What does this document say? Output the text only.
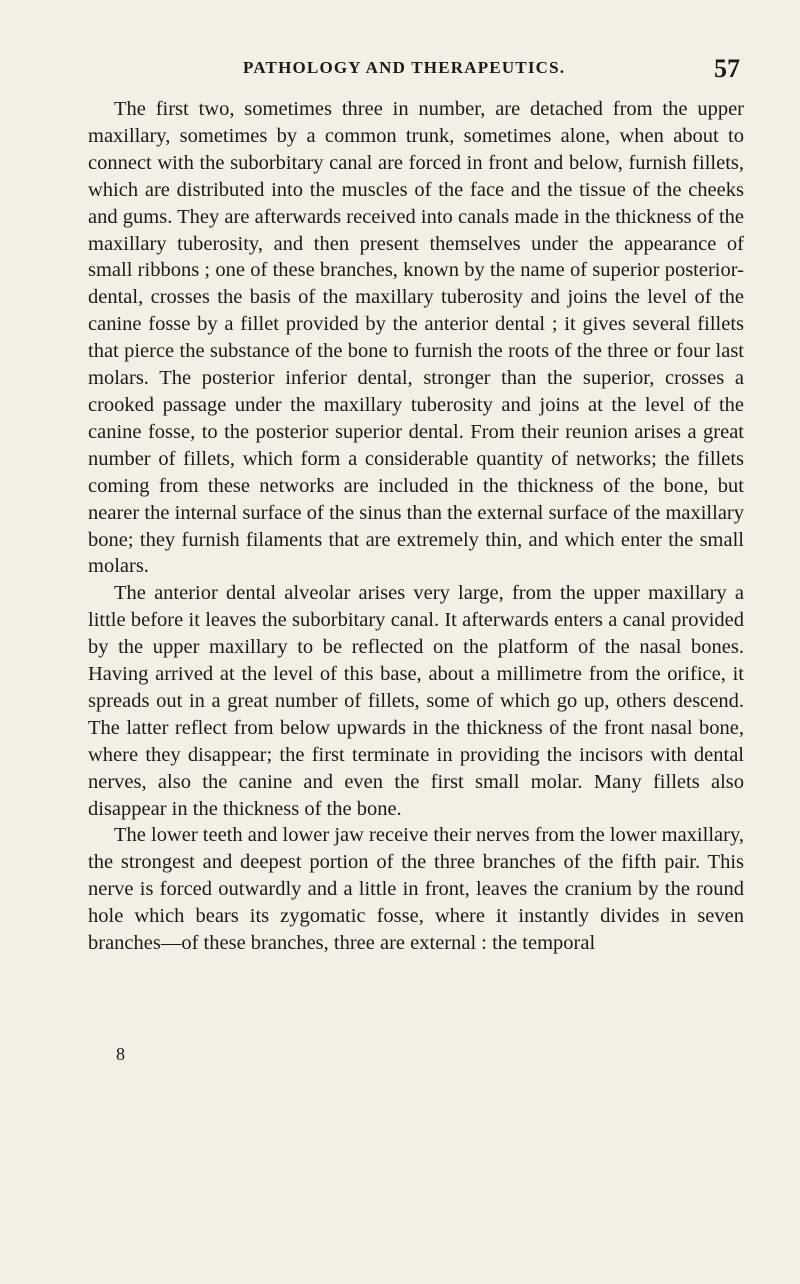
PATHOLOGY AND THERAPEUTICS.	57

The first two, sometimes three in number, are detached from the upper maxillary, sometimes by a common trunk, sometimes alone, when about to connect with the suborbitary canal are forced in front and below, furnish fillets, which are distributed into the muscles of the face and the tissue of the cheeks and gums. They are afterwards received into canals made in the thickness of the maxillary tuberosity, and then present themselves under the appearance of small ribbons ; one of these branches, known by the name of superior posterior-dental, crosses the basis of the maxillary tuberosity and joins the level of the canine fosse by a fillet provided by the anterior dental ; it gives several fillets that pierce the substance of the bone to furnish the roots of the three or four last molars. The posterior inferior dental, stronger than the superior, crosses a crooked passage under the maxillary tuberosity and joins at the level of the canine fosse, to the posterior superior dental. From their reunion arises a great number of fillets, which form a considerable quantity of networks; the fillets coming from these networks are included in the thickness of the bone, but nearer the internal surface of the sinus than the external surface of the maxillary bone; they furnish filaments that are extremely thin, and which enter the small molars.

The anterior dental alveolar arises very large, from the upper maxillary a little before it leaves the suborbitary canal. It afterwards enters a canal provided by the upper maxillary to be reflected on the platform of the nasal bones. Having arrived at the level of this base, about a millimetre from the orifice, it spreads out in a great number of fillets, some of which go up, others descend. The latter reflect from below upwards in the thickness of the front nasal bone, where they disappear; the first terminate in providing the incisors with dental nerves, also the canine and even the first small molar. Many fillets also disappear in the thickness of the bone.

The lower teeth and lower jaw receive their nerves from the lower maxillary, the strongest and deepest portion of the three branches of the fifth pair. This nerve is forced outwardly and a little in front, leaves the cranium by the round hole which bears its zygomatic fosse, where it instantly divides in seven branches—of these branches, three are external : the temporal

8
